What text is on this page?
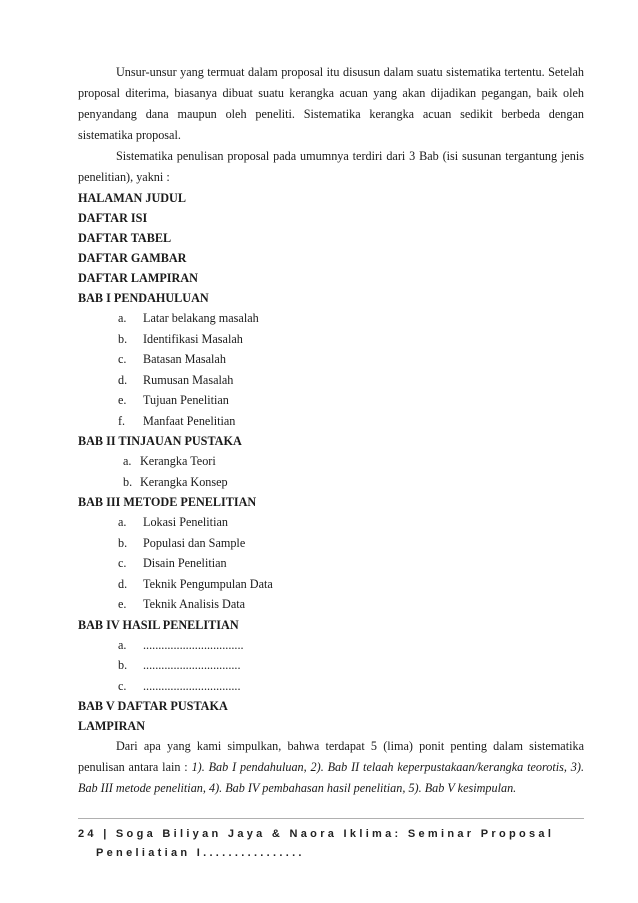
Unsur-unsur yang termuat dalam proposal itu disusun dalam suatu sistematika tertentu. Setelah proposal diterima, biasanya dibuat suatu kerangka acuan yang akan dijadikan pegangan, baik oleh penyandang dana maupun oleh peneliti. Sistematika kerangka acuan sedikit berbeda dengan sistematika proposal.

Sistematika penulisan proposal pada umumnya terdiri dari 3 Bab (isi susunan tergantung jenis penelitian), yakni :

HALAMAN JUDUL
DAFTAR ISI
DAFTAR TABEL
DAFTAR GAMBAR
DAFTAR LAMPIRAN
BAB I PENDAHULUAN
a. Latar belakang masalah
b. Identifikasi Masalah
c. Batasan Masalah
d. Rumusan Masalah
e. Tujuan Penelitian
f. Manfaat Penelitian
BAB II TINJAUAN PUSTAKA
a. Kerangka Teori
b. Kerangka Konsep
BAB III METODE PENELITIAN
a. Lokasi Penelitian
b. Populasi dan Sample
c. Disain Penelitian
d. Teknik Pengumpulan Data
e. Teknik Analisis Data
BAB IV HASIL PENELITIAN
a. .................................
b. ................................
c. ................................
BAB V DAFTAR PUSTAKA
LAMPIRAN

Dari apa yang kami simpulkan, bahwa terdapat 5 (lima) ponit penting dalam sistematika penulisan antara lain : 1). Bab I pendahuluan, 2). Bab II telaah keperpustakaan/kerangka teorotis, 3). Bab III metode penelitian, 4). Bab IV pembahasan hasil penelitian, 5). Bab V kesimpulan.

24 | Soga Biliyan Jaya & Naora Iklima: Seminar Proposal
Peneliatian I................
